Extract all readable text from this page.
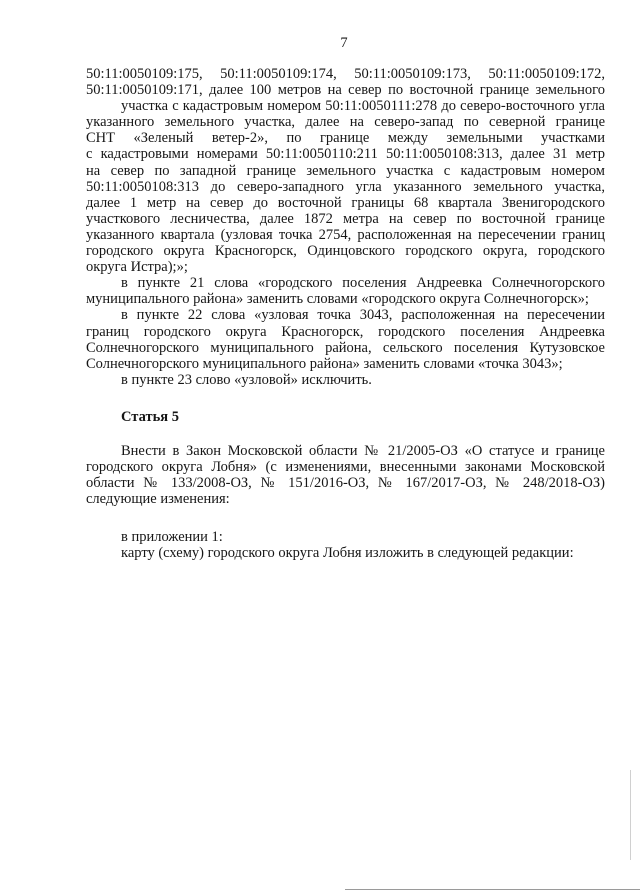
7
50:11:0050109:175, 50:11:0050109:174, 50:11:0050109:173, 50:11:0050109:172,
50:11:0050109:171, далее 100 метров на север по восточной границе земельного
участка с кадастровым номером 50:11:0050111:278 до северо-восточного угла
указанного земельного участка, далее на северо-запад по северной границе
СНТ «Зеленый ветер-2», по границе между земельными участками
с кадастровыми номерами 50:11:0050110:211 50:11:0050108:313, далее 31 метр
на север по западной границе земельного участка с кадастровым номером
50:11:0050108:313 до северо-западного угла указанного земельного участка,
далее 1 метр на север до восточной границы 68 квартала Звенигородского
участкового лесничества, далее 1872 метра на север по восточной границе
указанного квартала (узловая точка 2754, расположенная на пересечении границ
городского округа Красногорск, Одинцовского городского округа, городского
округа Истра);»;
в пункте 21 слова «городского поселения Андреевка Солнечногорского
муниципального района» заменить словами «городского округа Солнечногорск»;
в пункте 22 слова «узловая точка 3043, расположенная на пересечении
границ городского округа Красногорск, городского поселения Андреевка
Солнечногорского муниципального района, сельского поселения Кутузовское
Солнечногорского муниципального района» заменить словами «точка 3043»;
в пункте 23 слово «узловой» исключить.
Статья 5
Внести в Закон Московской области № 21/2005-ОЗ «О статусе и границе
городского округа Лобня» (с изменениями, внесенными законами Московской
области № 133/2008-ОЗ, № 151/2016-ОЗ, № 167/2017-ОЗ, № 248/2018-ОЗ)
следующие изменения:
в приложении 1:
карту (схему) городского округа Лобня изложить в следующей редакции:
